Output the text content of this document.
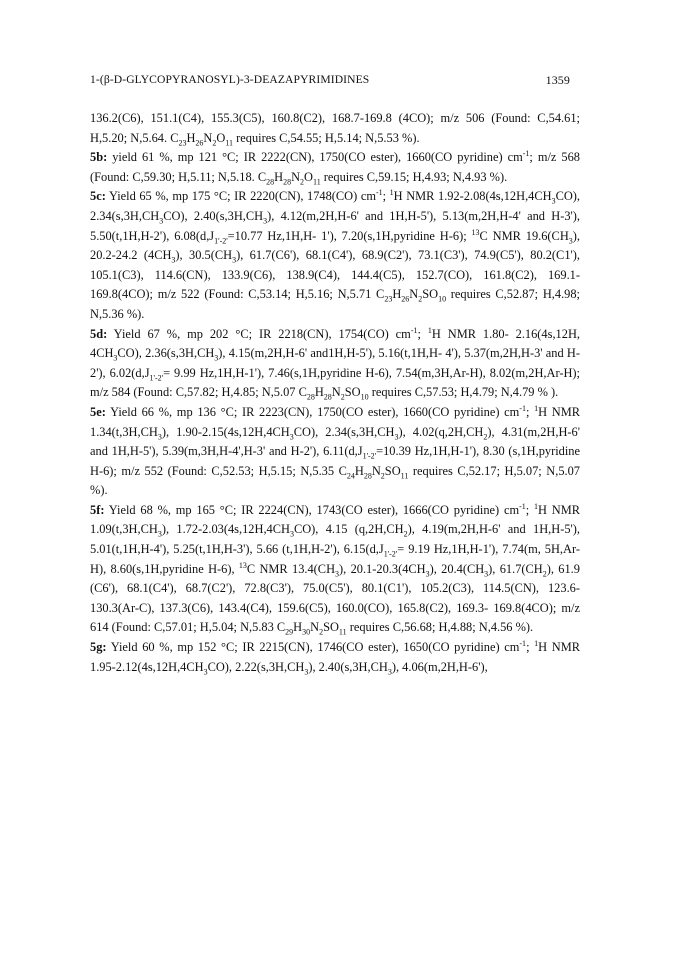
1-(β-D-GLYCOPYRANOSYL)-3-DEAZAPYRIMIDINES	1359

136.2(C6), 151.1(C4), 155.3(C5), 160.8(C2), 168.7-169.8 (4CO); m/z 506 (Found: C,54.61; H,5.20; N,5.64. $C_{23}H_{26}N_2O_{11}$ requires C,54.55; H,5.14; N,5.53 %).

5b: yield 61 %, mp 121 °C; IR 2222(CN), 1750(CO ester), 1660(CO pyridine) $cm^{-1}$; m/z 568 (Found: C,59.30; H,5.11; N,5.18. $C_{28}H_{28}N_2O_{11}$ requires C,59.15; H,4.93; N,4.93 %).

5c: Yield 65 %, mp 175 °C; IR 2220(CN), 1748(CO) $cm^{-1}$; $^1$H NMR $1.92-2.08(4s,12H,4CH_3CO)$, $2.34(s,3H,CH_3CO)$, $2.40(s,3H,CH_3)$, 4.12(m,2H,H-6' and 1H,H-5'), 5.13(m,2H,H-4' and H-3'), 5.50(t,1H,H-2'), $6.08(d,J_{1'-2'}=10.77$ Hz,1H,H- 1'), 7.20(s,1H,pyridine H-6); $^{13}$C NMR $19.6(CH_3)$, 20.2-24.2 $(4CH_3)$, $30.5(CH_3)$, 61.7(C6'), 68.1(C4'), 68.9(C2'), 73.1(C3'), 74.9(C5'), 80.2(C1'), 105.1(C3), 114.6(CN), 133.9(C6), 138.9(C4), 144.4(C5), 152.7(CO), 161.8(C2), 169.1-169.8(4CO); m/z 522 (Found: C,53.14; H,5.16; N,5.71 $C_{23}H_{26}N_2SO_{10}$ requires C,52.87; H,4.98; N,5.36 %).

5d: Yield 67 %, mp 202 °C; IR 2218(CN), 1754(CO) $cm^{-1}$; $^1$H NMR 1.80- 2.16(4s,12H, $4CH_3CO$), $2.36(s,3H,CH_3)$, 4.15(m,2H,H-6' and1H,H-5'), 5.16(t,1H,H- 4'), 5.37(m,2H,H-3' and H-2'), $6.02(d,J_{1'-2'}= 9.99$ Hz,1H,H-1'), 7.46(s,1H,pyridine H-6), 7.54(m,3H,Ar-H), 8.02(m,2H,Ar-H); m/z 584 (Found: C,57.82; H,4.85; N,5.07 $C_{28}H_{28}N_2SO_{10}$ requires C,57.53; H,4.79; N,4.79 % ).

5e: Yield 66 %, mp 136 °C; IR 2223(CN), 1750(CO ester), 1660(CO pyridine) $cm^{-1}$; $^1$H NMR $1.34(t,3H,CH_3)$, $1.90-2.15(4s,12H,4CH_3CO)$, $2.34(s,3H,CH_3)$, $4.02(q,2H,CH_2)$, 4.31(m,2H,H-6' and 1H,H-5'), 5.39(m,3H,H-4',H-3' and H-2'), $6.11(d,J_{1'-2'}=10.39$ Hz,1H,H-1'), 8.30 (s,1H,pyridine H-6); m/z 552 (Found: C,52.53; H,5.15; N,5.35 $C_{24}H_{28}N_2SO_{11}$ requires C,52.17; H,5.07; N,5.07 %).

5f: Yield 68 %, mp 165 °C; IR 2224(CN), 1743(CO ester), 1666(CO pyridine) $cm^{-1}$; $^1$H NMR $1.09(t,3H,CH_3)$, $1.72-2.03(4s,12H,4CH_3CO)$, 4.15 $(q,2H,CH_2)$, 4.19(m,2H,H-6' and 1H,H-5'), 5.01(t,1H,H-4'), 5.25(t,1H,H-3'), 5.66 (t,1H,H-2'), $6.15(d,J_{1'-2'}= 9.19$ Hz,1H,H-1'), 7.74(m, 5H,Ar-H), 8.60(s,1H,pyridine H-6), $^{13}$C NMR $13.4(CH_3)$, $20.1-20.3(4CH_3)$, $20.4(CH_3)$, $61.7(CH_2)$, 61.9 (C6'), 68.1(C4'), 68.7(C2'), 72.8(C3'), 75.0(C5'), 80.1(C1'), 105.2(C3), 114.5(CN), 123.6-130.3(Ar-C), 137.3(C6), 143.4(C4), 159.6(C5), 160.0(CO), 165.8(C2), 169.3- 169.8(4CO); m/z 614 (Found: C,57.01; H,5.04; N,5.83 $C_{29}H_{30}N_2SO_{11}$ requires C,56.68; H,4.88; N,4.56 %).

5g: Yield 60 %, mp 152 °C; IR 2215(CN), 1746(CO ester), 1650(CO pyridine) $cm^{-1}$; $^1$H NMR $1.95-2.12(4s,12H,4CH_3CO)$, $2.22(s,3H,CH_3)$, $2.40(s,3H,CH_3)$, 4.06(m,2H,H-6'),
